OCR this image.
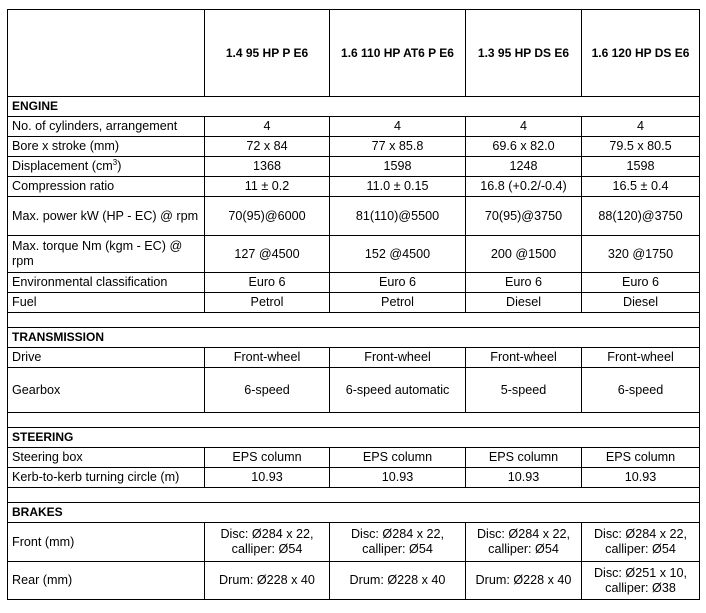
	1.4 95 HP P E6	1.6 110 HP AT6 P E6	1.3 95 HP DS E6	1.6 120 HP DS E6
ENGINE				
No. of cylinders, arrangement	4	4	4	4
Bore x stroke (mm)	72 x 84	77 x 85.8	69.6 x 82.0	79.5 x 80.5
Displacement $(cm^3)$	1368	1598	1248	1598
Compression ratio	11 ± 0.2	11.0 ± 0.15	16.8 (+0.2/-0.4)	16.5 ± 0.4
Max. power kW (HP - EC) @ rpm	70(95)@6000	81(110)@5500	70(95)@3750	88(120)@3750
Max. torque Nm (kgm - EC) @ rpm	127 @4500	152 @4500	200 @1500	320 @1750
Environmental classification	Euro 6	Euro 6	Euro 6	Euro 6
Fuel	Petrol	Petrol	Diesel	Diesel

TRANSMISSION				
Drive	Front-wheel	Front-wheel	Front-wheel	Front-wheel
Gearbox	6-speed	6-speed automatic	5-speed	6-speed

STEERING				
Steering box	EPS column	EPS column	EPS column	EPS column
Kerb-to-kerb turning circle (m)	10.93	10.93	10.93	10.93

BRAKES				
Front (mm)	Disc: Ø284 x 22, calliper: Ø54	Disc: Ø284 x 22, calliper: Ø54	Disc: Ø284 x 22, calliper: Ø54	Disc: Ø284 x 22, calliper: Ø54
Rear (mm)	Drum: Ø228 x 40	Drum: Ø228 x 40	Drum: Ø228 x 40	Disc: Ø251 x 10, calliper: Ø38
